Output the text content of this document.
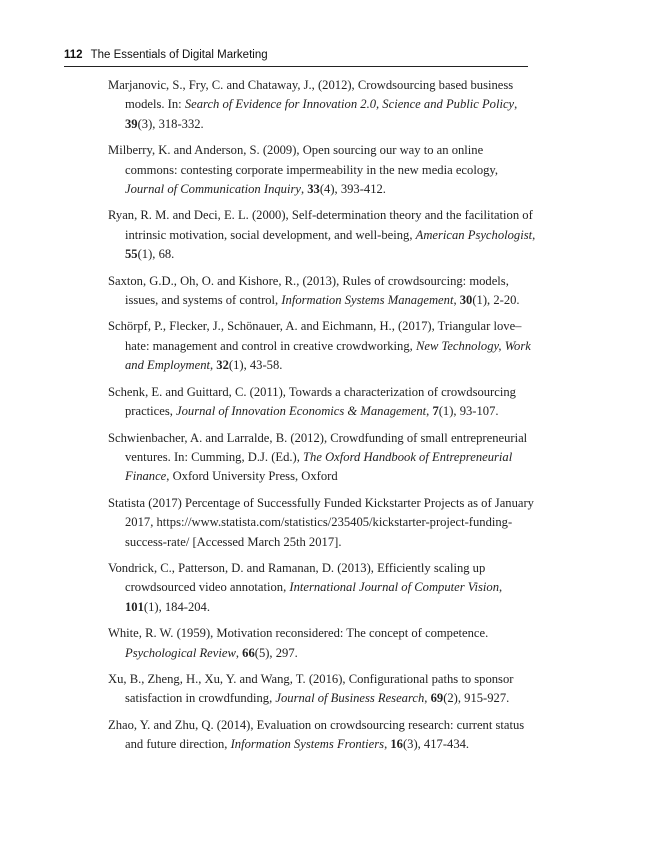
112 The Essentials of Digital Marketing

Marjanovic, S., Fry, C. and Chataway, J., (2012), Crowdsourcing based business models. In: Search of Evidence for Innovation 2.0, Science and Public Policy, 39(3), 318-332.

Milberry, K. and Anderson, S. (2009), Open sourcing our way to an online commons: contesting corporate impermeability in the new media ecology, Journal of Communication Inquiry, 33(4), 393-412.

Ryan, R. M. and Deci, E. L. (2000), Self-determination theory and the facilitation of intrinsic motivation, social development, and well-being, American Psychologist, 55(1), 68.

Saxton, G.D., Oh, O. and Kishore, R., (2013), Rules of crowdsourcing: models, issues, and systems of control, Information Systems Management, 30(1), 2-20.

Schörpf, P., Flecker, J., Schönauer, A. and Eichmann, H., (2017), Triangular love–hate: management and control in creative crowdworking, New Technology, Work and Employment, 32(1), 43-58.

Schenk, E. and Guittard, C. (2011), Towards a characterization of crowdsourcing practices, Journal of Innovation Economics & Management, 7(1), 93-107.

Schwienbacher, A. and Larralde, B. (2012), Crowdfunding of small entrepreneurial ventures. In: Cumming, D.J. (Ed.), The Oxford Handbook of Entrepreneurial Finance, Oxford University Press, Oxford

Statista (2017) Percentage of Successfully Funded Kickstarter Projects as of January 2017, https://www.statista.com/statistics/235405/kickstarter-project-funding-success-rate/ [Accessed March 25th 2017].

Vondrick, C., Patterson, D. and Ramanan, D. (2013), Efficiently scaling up crowdsourced video annotation, International Journal of Computer Vision, 101(1), 184-204.

White, R. W. (1959), Motivation reconsidered: The concept of competence. Psychological Review, 66(5), 297.

Xu, B., Zheng, H., Xu, Y. and Wang, T. (2016), Configurational paths to sponsor satisfaction in crowdfunding, Journal of Business Research, 69(2), 915-927.

Zhao, Y. and Zhu, Q. (2014), Evaluation on crowdsourcing research: current status and future direction, Information Systems Frontiers, 16(3), 417-434.
